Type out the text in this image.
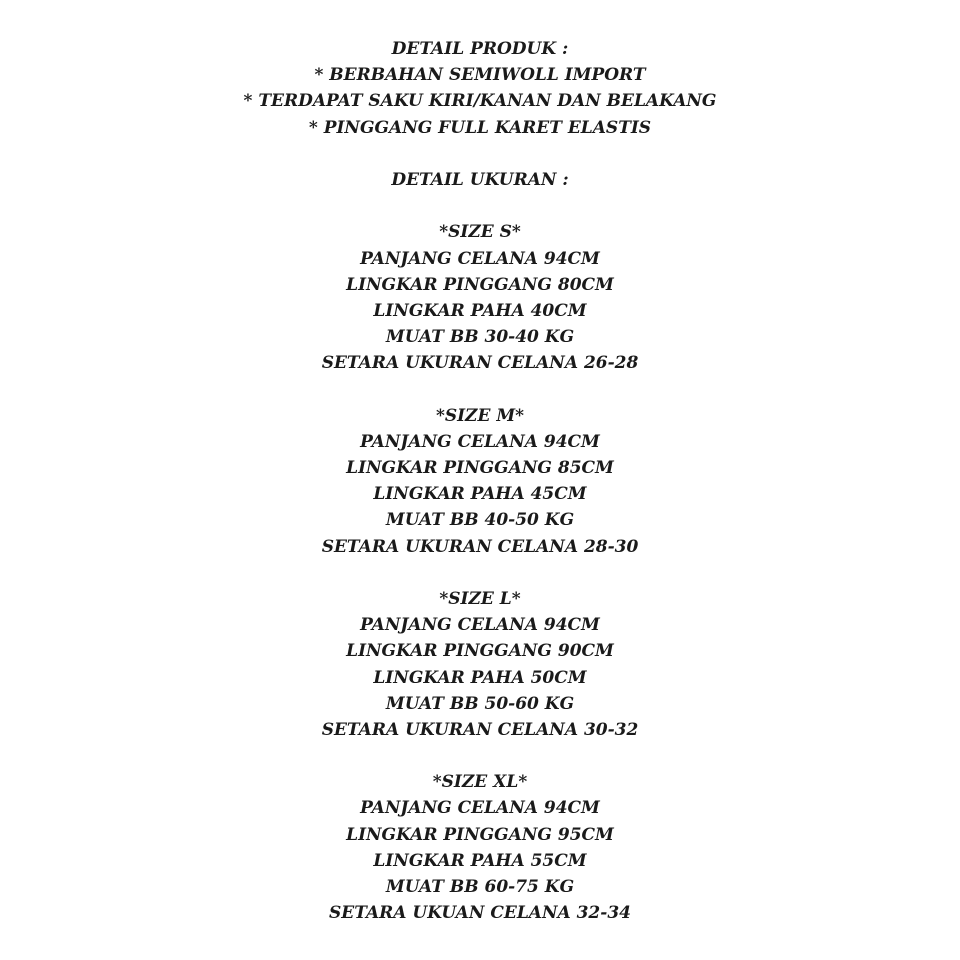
DETAIL PRODUK :
* BERBAHAN SEMIWOLL IMPORT
* TERDAPAT SAKU KIRI/KANAN DAN BELAKANG
* PINGGANG FULL KARET ELASTIS
DETAIL UKURAN :
*SIZE S*
PANJANG CELANA 94CM
LINGKAR PINGGANG 80CM
LINGKAR PAHA 40CM
MUAT BB 30-40 KG
SETARA UKURAN CELANA 26-28
*SIZE M*
PANJANG CELANA 94CM
LINGKAR PINGGANG 85CM
LINGKAR PAHA 45CM
MUAT BB 40-50 KG
SETARA UKURAN CELANA 28-30
*SIZE L*
PANJANG CELANA 94CM
LINGKAR PINGGANG 90CM
LINGKAR PAHA 50CM
MUAT BB 50-60 KG
SETARA UKURAN CELANA 30-32
*SIZE XL*
PANJANG CELANA 94CM
LINGKAR PINGGANG 95CM
LINGKAR PAHA 55CM
MUAT BB 60-75 KG
SETARA UKUAN CELANA 32-34
